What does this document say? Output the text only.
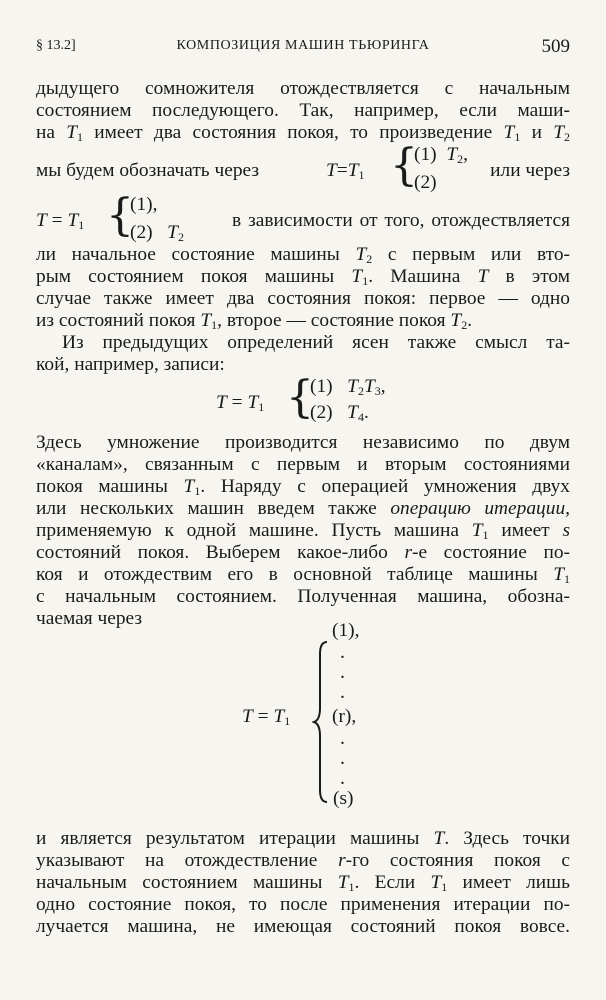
§ 13.2]	КОМПОЗИЦИЯ МАШИН ТЬЮРИНГА	509
дыдущего сомножителя отождествляется с начальным
состоянием последующего. Так, например, если маши-
на $T_1$ имеет два состояния покоя, то произведение $T_1$ и $T_2$
мы будем обозначать через	$T=T_1$ {
(1) $T_2$,
(2)
или через
$T = T_1$ {
(1),
(2) $T_2$
в зависимости от того, отождествляется
ли начальное состояние машины $T_2$ с первым или вто-
рым состоянием покоя машины $T_1$. Машина T в этом
случае также имеет два состояния покоя: первое — одно
из состояний покоя $T_1$, второе — состояние покоя $T_2$.
Из предыдущих определений ясен также смысл та-
кой, например, записи:
$T = T_1$ {
(1) $T_2T_3$,
(2) $T_4$.
Здесь умножение производится независимо по двум
«каналам», связанным с первым и вторым состояниями
покоя машины $T_1$. Наряду с операцией умножения двух
или нескольких машин введем также операцию итерации,
применяемую к одной машине. Пусть машина $T_1$ имеет s
состояний покоя. Выберем какое-либо r-е состояние по-
коя и отождествим его в основной таблице машины $T_1$
с начальным состоянием. Полученная машина, обозна-
чаемая через
$T = T_1$
(1),
.
.
.
(r),
.
.
.
(s)
и является результатом итерации машины T. Здесь точки
указывают на отождествление r-го состояния покоя с
начальным состоянием машины $T_1$. Если $T_1$ имеет лишь
одно состояние покоя, то после применения итерации по-
лучается машина, не имеющая состояний покоя вовсе.
